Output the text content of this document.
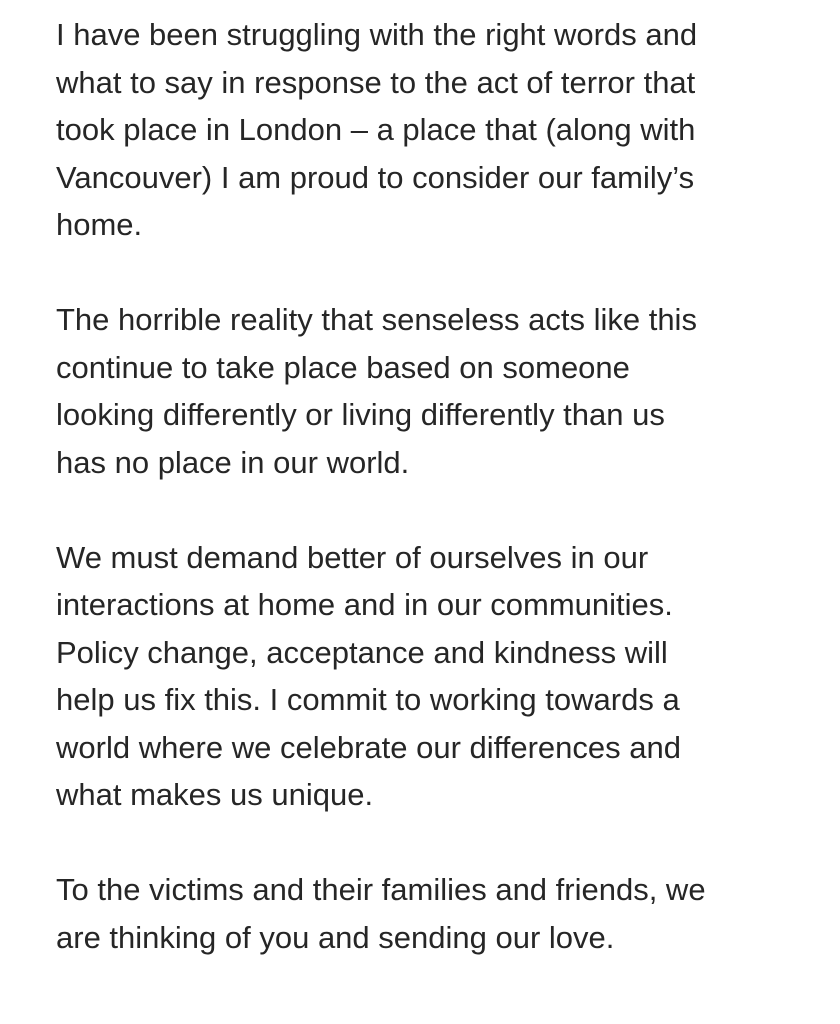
I have been struggling with the right words and
what to say in response to the act of terror that
took place in London – a place that (along with
Vancouver) I am proud to consider our family’s
home.
The horrible reality that senseless acts like this
continue to take place based on someone
looking differently or living differently than us
has no place in our world.
We must demand better of ourselves in our
interactions at home and in our communities.
Policy change, acceptance and kindness will
help us fix this. I commit to working towards a
world where we celebrate our differences and
what makes us unique.
To the victims and their families and friends, we
are thinking of you and sending our love.
